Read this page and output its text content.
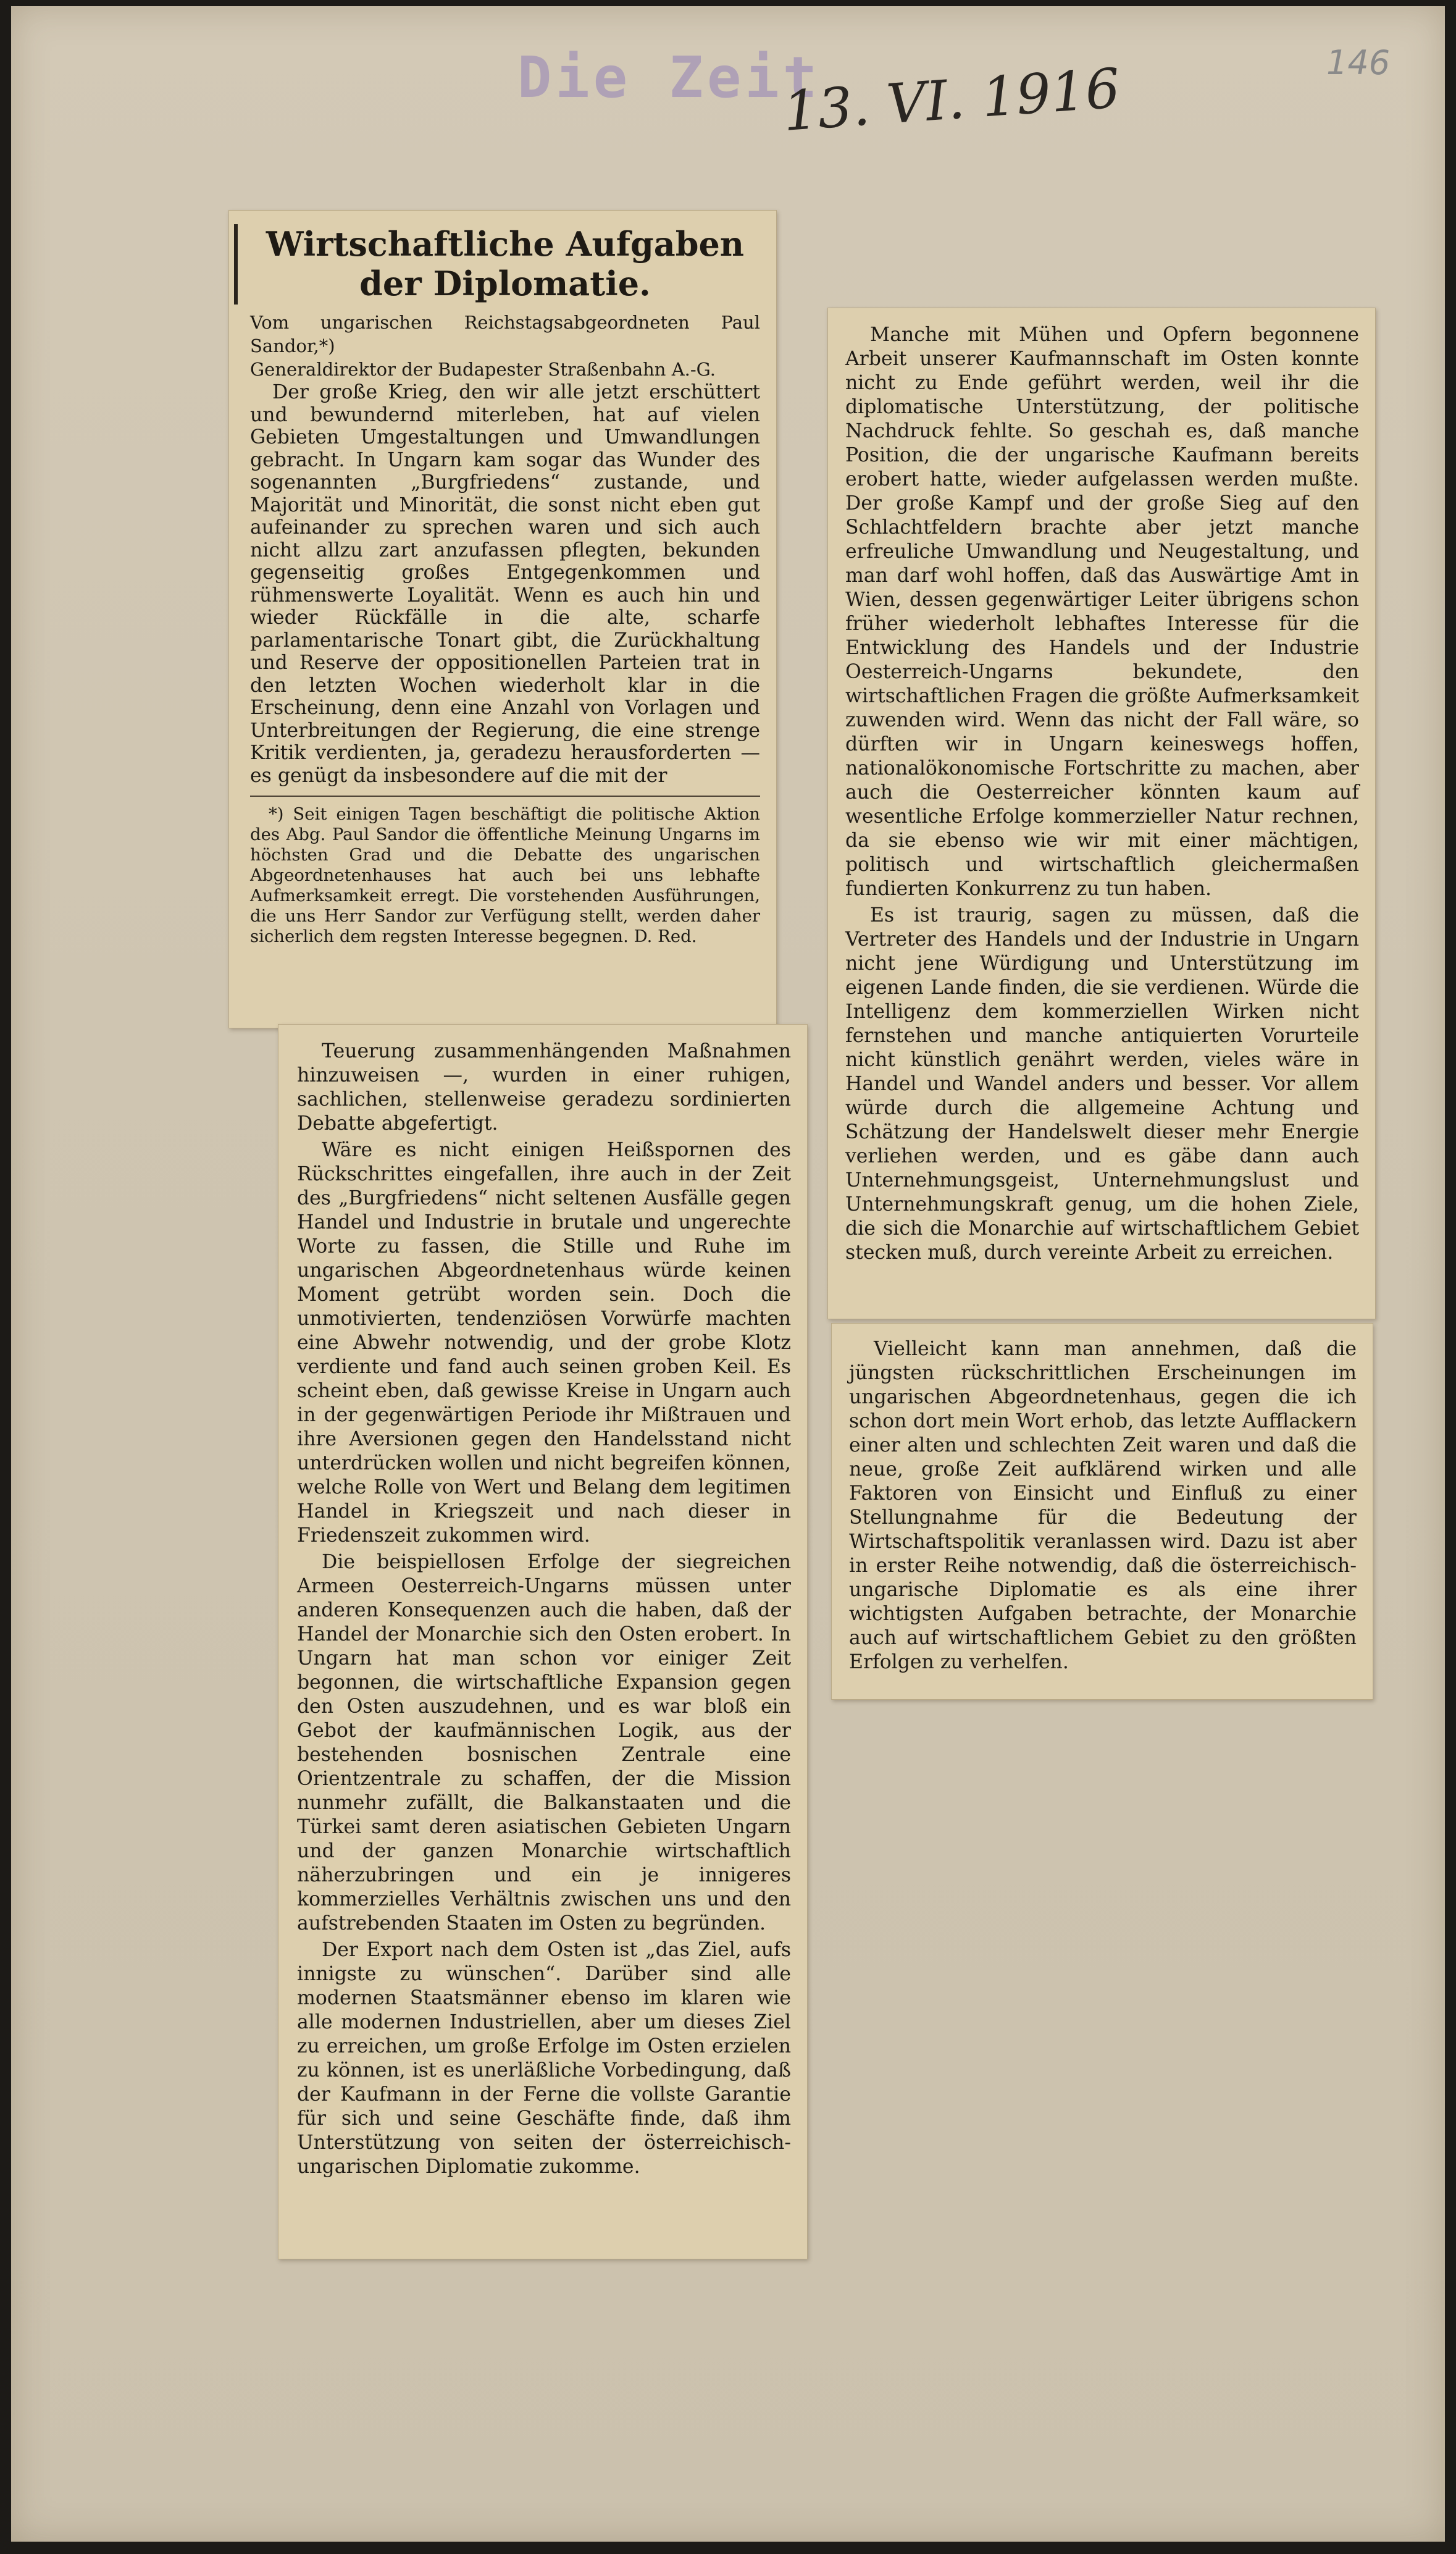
Die Zeit
13. VI. 1916	146
Wirtschaftliche Aufgaben der Diplomatie.

Vom ungarischen Reichstagsabgeordneten Paul Sandor,*)

Generaldirektor der Budapester Straßenbahn A.-G.

Der große Krieg, den wir alle jetzt erschüttert und bewundernd miterleben, hat auf vielen Gebieten Umgestaltungen und Umwandlungen gebracht. In Ungarn kam sogar das Wunder des sogenannten „Burgfriedens“ zustande, und Majorität und Minorität, die sonst nicht eben gut aufeinander zu sprechen waren und sich auch nicht allzu zart anzufassen pflegten, bekunden gegenseitig großes Entgegenkommen und rühmenswerte Loyalität. Wenn es auch hin und wieder Rückfälle in die alte, scharfe parlamentarische Tonart gibt, die Zurückhaltung und Reserve der oppositionellen Parteien trat in den letzten Wochen wiederholt klar in die Erscheinung, denn eine Anzahl von Vorlagen und Unterbreitungen der Regierung, die eine strenge Kritik verdienten, ja, geradezu herausforderten — es genügt da insbesondere auf die mit der

*) Seit einigen Tagen beschäftigt die politische Aktion des Abg. Paul Sandor die öffentliche Meinung Ungarns im höchsten Grad und die Debatte des ungarischen Abgeordnetenhauses hat auch bei uns lebhafte Aufmerksamkeit erregt. Die vorstehenden Ausführungen, die uns Herr Sandor zur Verfügung stellt, werden daher sicherlich dem regsten Interesse begegnen. D. Red.

Teuerung zusammenhängenden Maßnahmen hinzuweisen —, wurden in einer ruhigen, sachlichen, stellenweise geradezu sordinierten Debatte abgefertigt.

Wäre es nicht einigen Heißspornen des Rückschrittes eingefallen, ihre auch in der Zeit des „Burgfriedens“ nicht seltenen Ausfälle gegen Handel und Industrie in brutale und ungerechte Worte zu fassen, die Stille und Ruhe im ungarischen Abgeordnetenhaus würde keinen Moment getrübt worden sein. Doch die unmotivierten, tendenziösen Vorwürfe machten eine Abwehr notwendig, und der grobe Klotz verdiente und fand auch seinen groben Keil. Es scheint eben, daß gewisse Kreise in Ungarn auch in der gegenwärtigen Periode ihr Mißtrauen und ihre Aversionen gegen den Handelsstand nicht unterdrücken wollen und nicht begreifen können, welche Rolle von Wert und Belang dem legitimen Handel in Kriegszeit und nach dieser in Friedenszeit zukommen wird.

Die beispiellosen Erfolge der siegreichen Armeen Oesterreich-Ungarns müssen unter anderen Konsequenzen auch die haben, daß der Handel der Monarchie sich den Osten erobert. In Ungarn hat man schon vor einiger Zeit begonnen, die wirtschaftliche Expansion gegen den Osten auszudehnen, und es war bloß ein Gebot der kaufmännischen Logik, aus der bestehenden bosnischen Zentrale eine Orientzentrale zu schaffen, der die Mission nunmehr zufällt, die Balkanstaaten und die Türkei samt deren asiatischen Gebieten Ungarn und der ganzen Monarchie wirtschaftlich näherzubringen und ein je innigeres kommerzielles Verhältnis zwischen uns und den aufstrebenden Staaten im Osten zu begründen.

Der Export nach dem Osten ist „das Ziel, aufs innigste zu wünschen“. Darüber sind alle modernen Staatsmänner ebenso im klaren wie alle modernen Industriellen, aber um dieses Ziel zu erreichen, um große Erfolge im Osten erzielen zu können, ist es unerläßliche Vorbedingung, daß der Kaufmann in der Ferne die vollste Garantie für sich und seine Geschäfte finde, daß ihm Unterstützung von seiten der österreichisch-ungarischen Diplomatie zukomme.

Manche mit Mühen und Opfern begonnene Arbeit unserer Kaufmannschaft im Osten konnte nicht zu Ende geführt werden, weil ihr die diplomatische Unterstützung, der politische Nachdruck fehlte. So geschah es, daß manche Position, die der ungarische Kaufmann bereits erobert hatte, wieder aufgelassen werden mußte. Der große Kampf und der große Sieg auf den Schlachtfeldern brachte aber jetzt manche erfreuliche Umwandlung und Neugestaltung, und man darf wohl hoffen, daß das Auswärtige Amt in Wien, dessen gegenwärtiger Leiter übrigens schon früher wiederholt lebhaftes Interesse für die Entwicklung des Handels und der Industrie Oesterreich-Ungarns bekundete, den wirtschaftlichen Fragen die größte Aufmerksamkeit zuwenden wird. Wenn das nicht der Fall wäre, so dürften wir in Ungarn keineswegs hoffen, nationalökonomische Fortschritte zu machen, aber auch die Oesterreicher könnten kaum auf wesentliche Erfolge kommerzieller Natur rechnen, da sie ebenso wie wir mit einer mächtigen, politisch und wirtschaftlich gleichermaßen fundierten Konkurrenz zu tun haben.

Es ist traurig, sagen zu müssen, daß die Vertreter des Handels und der Industrie in Ungarn nicht jene Würdigung und Unterstützung im eigenen Lande finden, die sie verdienen. Würde die Intelligenz dem kommerziellen Wirken nicht fernstehen und manche antiquierten Vorurteile nicht künstlich genährt werden, vieles wäre in Handel und Wandel anders und besser. Vor allem würde durch die allgemeine Achtung und Schätzung der Handelswelt dieser mehr Energie verliehen werden, und es gäbe dann auch Unternehmungsgeist, Unternehmungslust und Unternehmungskraft genug, um die hohen Ziele, die sich die Monarchie auf wirtschaftlichem Gebiet stecken muß, durch vereinte Arbeit zu erreichen.

Vielleicht kann man annehmen, daß die jüngsten rückschrittlichen Erscheinungen im ungarischen Abgeordnetenhaus, gegen die ich schon dort mein Wort erhob, das letzte Aufflackern einer alten und schlechten Zeit waren und daß die neue, große Zeit aufklärend wirken und alle Faktoren von Einsicht und Einfluß zu einer Stellungnahme für die Bedeutung der Wirtschaftspolitik veranlassen wird. Dazu ist aber in erster Reihe notwendig, daß die österreichisch-ungarische Diplomatie es als eine ihrer wichtigsten Aufgaben betrachte, der Monarchie auch auf wirtschaftlichem Gebiet zu den größten Erfolgen zu verhelfen.
